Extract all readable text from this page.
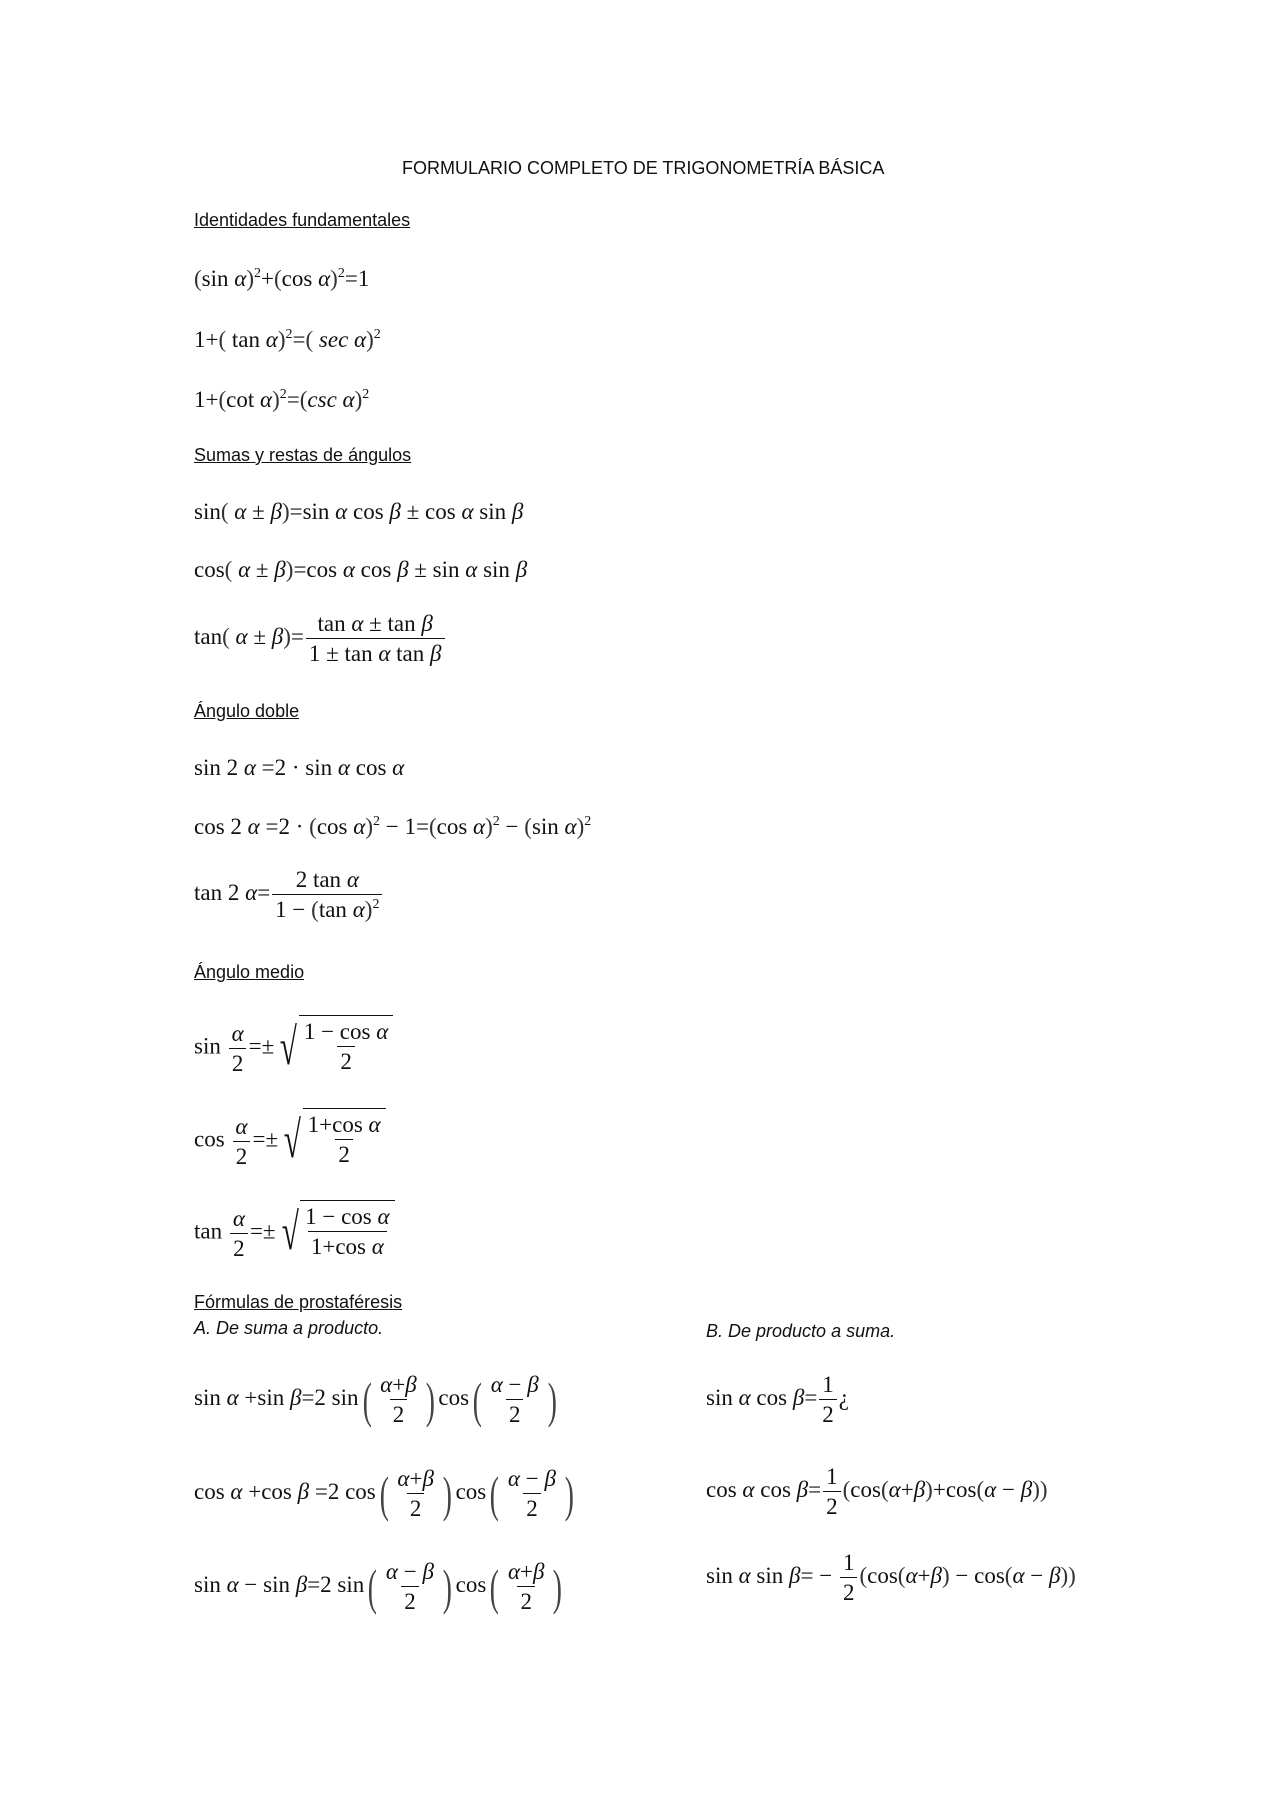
FORMULARIO COMPLETO DE TRIGONOMETRÍA BÁSICA
Identidades fundamentales
(sin α)$^2$+(cos α)$^2$=1
1+( tan α)$^2$=( sec α)$^2$
1+(cot α)$^2$=(csc α)$^2$
Sumas y restas de ángulos
sin( α ± β)=sin α cos β ± cos α sin β
cos( α ± β)=cos α cos β ± sin α sin β
tan( $\alpha \pm \beta)= \frac{\text{tan α ± tan β}}{\text{1 ± tan α tan β}}$
Ángulo doble
sin 2 α =2 · sin α cos α
cos 2 α =2 · (cos α)$^2$ − 1=(cos α)$^2$ − (sin α)$^2$
tan 2 $\alpha= \frac{\text{2 tan α}}{1 - (\tan \alpha)^2}$
Ángulo medio
$\sin \frac{\alpha}{2}$ =± √ $\frac{\text{1 − cos α}}{2}$
$\cos \frac{\alpha}{2}$ =± √ $\frac{\text{1+cos α}}{2}$
$\tan \frac{\alpha}{2}$ =± √ $\frac{\text{1 − cos α}}{\text{1+cos α}}$
Fórmulas de prostaféresis
A. De suma a producto.	B. De producto a suma.
sin α +sin β=2 $\sin( \frac{\alpha+\beta}{2}$ ) $\cos( \frac{\alpha - \beta}{2}$ )
cos α +cos β =2 $\cos( \frac{\alpha+\beta}{2}$ ) $\cos( \frac{\alpha - \beta}{2}$ )
sin α − sin β=2 $\sin( \frac{\alpha - \beta}{2}$ ) $\cos( \frac{\alpha+\beta}{2}$ )
sin α $\cos \beta= \frac{1}{2}$ ¿
cos α $\cos \beta= \frac{1}{2} (\cos(\alpha+\beta)+\cos(\alpha - \beta))$
sin α $\sin \beta= - \frac{1}{2} (\cos(\alpha+\beta) - \cos(\alpha - \beta))$
